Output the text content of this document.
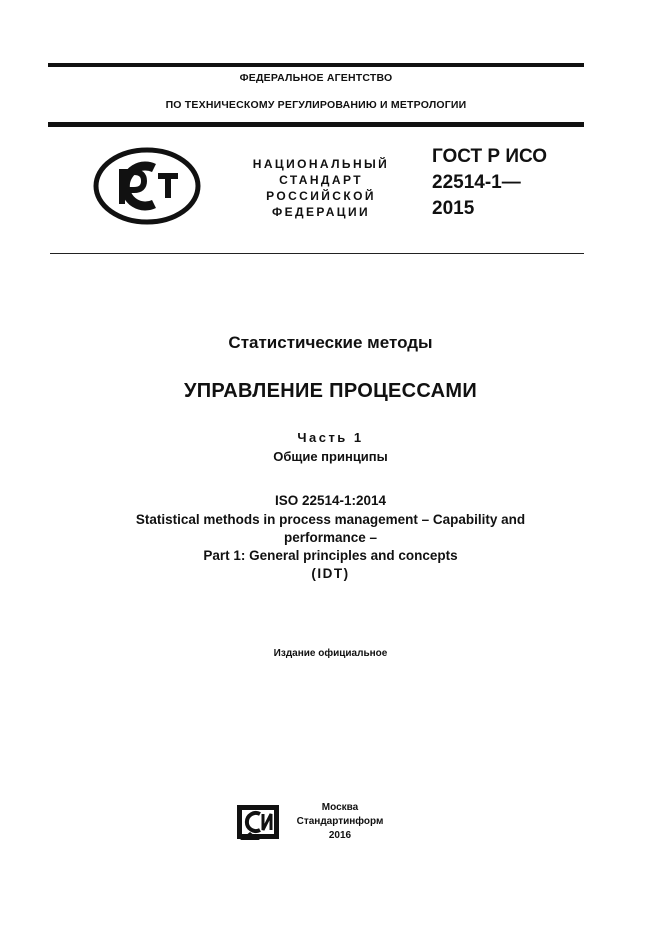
ФЕДЕРАЛЬНОЕ АГЕНТСТВО
ПО ТЕХНИЧЕСКОМУ РЕГУЛИРОВАНИЮ И МЕТРОЛОГИИ
НАЦИОНАЛЬНЫЙ
СТАНДАРТ
РОССИЙСКОЙ
ФЕДЕРАЦИИ
ГОСТ Р ИСО
22514-1—
2015
Статистические методы
УПРАВЛЕНИЕ ПРОЦЕССАМИ
Часть 1
Общие принципы
ISO 22514-1:2014
Statistical methods in process management – Capability and
performance –
Part 1: General principles and concepts
(IDT)
Издание официальное
Москва
Стандартинформ
2016
